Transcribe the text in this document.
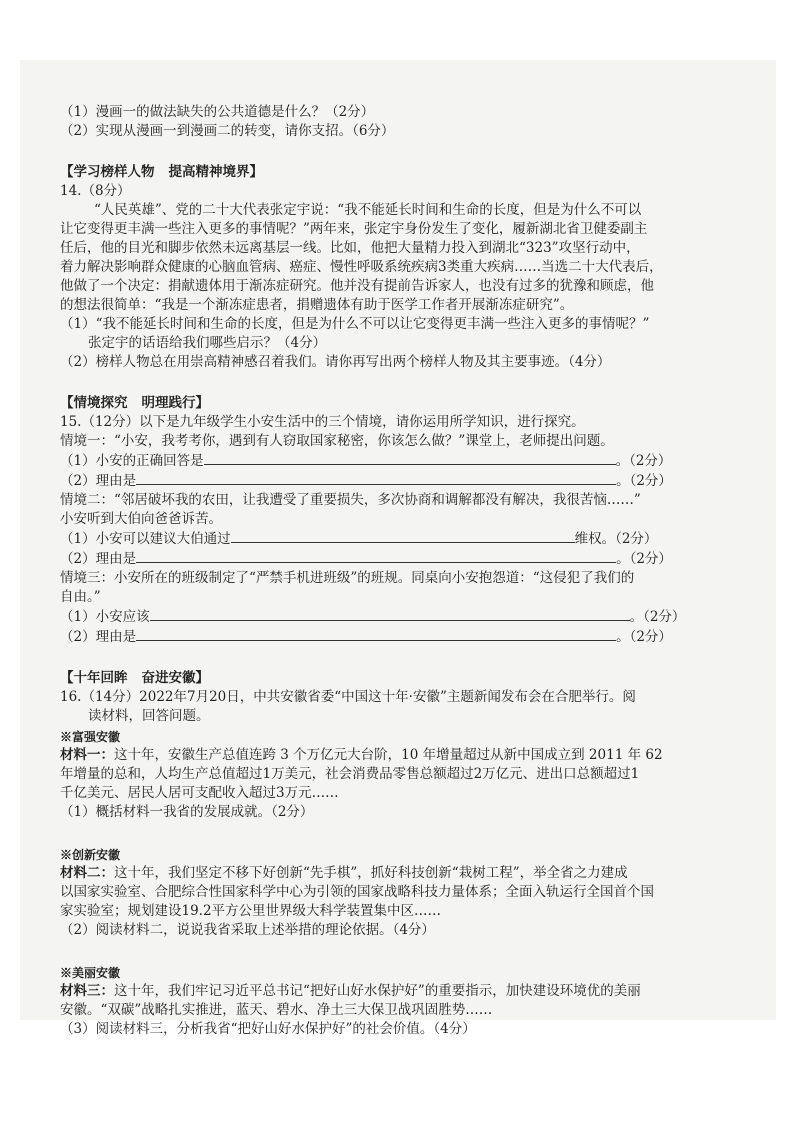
（1）漫画一的做法缺失的公共道德是什么？（2分）
（2）实现从漫画一到漫画二的转变，请你支招。（6分）
【学习榜样人物 提高精神境界】
14.（8分）
“人民英雄”、党的二十大代表张定宇说：“我不能延长时间和生命的长度，但是为什么不可以
让它变得更丰满一些注入更多的事情呢？”两年来，张定宇身份发生了变化，履新湖北省卫健委副主
任后，他的目光和脚步依然未远离基层一线。比如，他把大量精力投入到湖北“323”攻坚行动中，
着力解决影响群众健康的心脑血管病、癌症、慢性呼吸系统疾病3类重大疾病……当选二十大代表后，
他做了一个决定：捐献遗体用于渐冻症研究。他并没有提前告诉家人，也没有过多的犹豫和顾虑，他
的想法很简单：“我是一个渐冻症患者，捐赠遗体有助于医学工作者开展渐冻症研究”。
（1）“我不能延长时间和生命的长度，但是为什么不可以让它变得更丰满一些注入更多的事情呢？”
张定宇的话语给我们哪些启示？（4分）
（2）榜样人物总在用崇高精神感召着我们。请你再写出两个榜样人物及其主要事迹。（4分）
【情境探究 明理践行】
15.（12分）以下是九年级学生小安生活中的三个情境，请你运用所学知识，进行探究。
情境一：“小安，我考考你，遇到有人窃取国家秘密，你该怎么做？”课堂上，老师提出问题。
（1）小安的正确回答是	。（2分）
（2）理由是	。（2分）
情境二：“邻居破坏我的农田，让我遭受了重要损失，多次协商和调解都没有解决，我很苦恼……”
小安听到大伯向爸爸诉苦。
（1）小安可以建议大伯通过	维权。（2分）
（2）理由是	。（2分）
情境三：小安所在的班级制定了“严禁手机进班级”的班规。同桌向小安抱怨道：“这侵犯了我们的
自由。”
（1）小安应该	。（2分）
（2）理由是	。（2分）
【十年回眸 奋进安徽】
16.（14分）2022年7月20日，中共安徽省委“中国这十年·安徽”主题新闻发布会在合肥举行。阅
读材料，回答问题。
※富强安徽
材料一：这十年，安徽生产总值连跨 3 个万亿元大台阶，10 年增量超过从新中国成立到 2011 年 62
年增量的总和，人均生产总值超过1万美元，社会消费品零售总额超过2万亿元、进出口总额超过1
千亿美元、居民人居可支配收入超过3万元……
（1）概括材料一我省的发展成就。（2分）
※创新安徽
材料二：这十年，我们坚定不移下好创新“先手棋”，抓好科技创新“栽树工程”，举全省之力建成
以国家实验室、合肥综合性国家科学中心为引领的国家战略科技力量体系；全面入轨运行全国首个国
家实验室；规划建设19.2平方公里世界级大科学装置集中区……
（2）阅读材料二，说说我省采取上述举措的理论依据。（4分）
※美丽安徽
材料三：这十年，我们牢记习近平总书记“把好山好水保护好”的重要指示，加快建设环境优的美丽
安徽。“双碳”战略扎实推进，蓝天、碧水、净土三大保卫战巩固胜势……
（3）阅读材料三，分析我省“把好山好水保护好”的社会价值。（4分）
